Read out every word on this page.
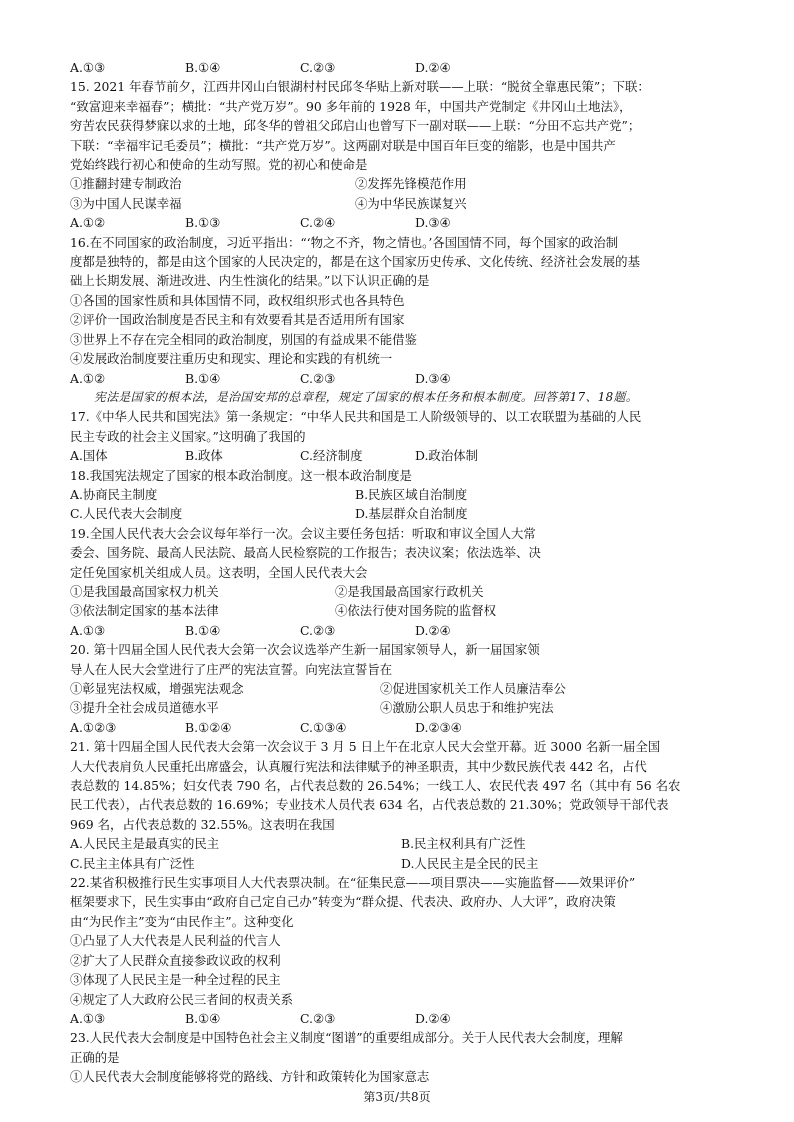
A.①③	B.①④	C.②③	D.②④
15. 2021 年春节前夕，江西井冈山白银湖村村民邱冬华贴上新对联——上联：“脱贫全靠惠民策”；下联：
“致富迎来幸福春”；横批：“共产党万岁”。90 多年前的 1928 年，中国共产党制定《井冈山土地法》，
穷苦农民获得梦寐以求的土地，邱冬华的曾祖父邱启山也曾写下一副对联——上联：“分田不忘共产党”；
下联：“幸福牢记毛委员”；横批：“共产党万岁”。这两副对联是中国百年巨变的缩影，也是中国共产
党始终践行初心和使命的生动写照。党的初心和使命是
①推翻封建专制政治	②发挥先锋模范作用
③为中国人民谋幸福	④为中华民族谋复兴
A.①②	B.①③	C.②④	D.③④
16.在不同国家的政治制度，习近平指出：“‘物之不齐，物之情也。’各国国情不同，每个国家的政治制
度都是独特的，都是由这个国家的人民决定的，都是在这个国家历史传承、文化传统、经济社会发展的基
础上长期发展、渐进改进、内生性演化的结果。”以下认识正确的是
①各国的国家性质和具体国情不同，政权组织形式也各具特色
②评价一国政治制度是否民主和有效要看其是否适用所有国家
③世界上不存在完全相同的政治制度，别国的有益成果不能借鉴
④发展政治制度要注重历史和现实、理论和实践的有机统一
A.①②	B.①④	C.②③	D.③④
宪法是国家的根本法，是治国安邦的总章程，规定了国家的根本任务和根本制度。回答第17、18题。
17.《中华人民共和国宪法》第一条规定：“中华人民共和国是工人阶级领导的、以工农联盟为基础的人民
民主专政的社会主义国家。”这明确了我国的
A.国体	B.政体	C.经济制度	D.政治体制
18.我国宪法规定了国家的根本政治制度。这一根本政治制度是
A.协商民主制度	B.民族区域自治制度
C.人民代表大会制度	D.基层群众自治制度
19.全国人民代表大会会议每年举行一次。会议主要任务包括：听取和审议全国人大常
委会、国务院、最高人民法院、最高人民检察院的工作报告；表决议案；依法选举、决
定任免国家机关组成人员。这表明，全国人民代表大会
①是我国最高国家权力机关	②是我国最高国家行政机关
③依法制定国家的基本法律	④依法行使对国务院的监督权
A.①③	B.①④	C.②③	D.②④
20. 第十四届全国人民代表大会第一次会议选举产生新一届国家领导人，新一届国家领
导人在人民大会堂进行了庄严的宪法宣誓。向宪法宣誓旨在
①彰显宪法权威，增强宪法观念	②促进国家机关工作人员廉洁奉公
③提升全社会成员道德水平	④激励公职人员忠于和维护宪法
A.①②③	B.①②④	C.①③④	D.②③④
21. 第十四届全国人民代表大会第一次会议于 3 月 5 日上午在北京人民大会堂开幕。近 3000 名新一届全国
人大代表肩负人民重托出席盛会，认真履行宪法和法律赋予的神圣职责，其中少数民族代表 442 名，占代
表总数的 14.85%；妇女代表 790 名，占代表总数的 26.54%；一线工人、农民代表 497 名（其中有 56 名农
民工代表），占代表总数的 16.69%；专业技术人员代表 634 名，占代表总数的 21.30%；党政领导干部代表
969 名，占代表总数的 32.55%。这表明在我国
A.人民民主是最真实的民主	B.民主权利具有广泛性
C.民主主体具有广泛性	D.人民民主是全民的民主
22.某省积极推行民生实事项目人大代表票决制。在“征集民意——项目票决——实施监督——效果评价”
框架要求下，民生实事由“政府自己定自己办”转变为“群众提、代表决、政府办、人大评”，政府决策
由“为民作主”变为“由民作主”。这种变化
①凸显了人大代表是人民利益的代言人
②扩大了人民群众直接参政议政的权利
③体现了人民民主是一种全过程的民主
④规定了人大政府公民三者间的权责关系
A.①③	B.①④	C.②③	D.②④
23.人民代表大会制度是中国特色社会主义制度“图谱”的重要组成部分。关于人民代表大会制度，理解
正确的是
①人民代表大会制度能够将党的路线、方针和政策转化为国家意志
第3页/共8页
